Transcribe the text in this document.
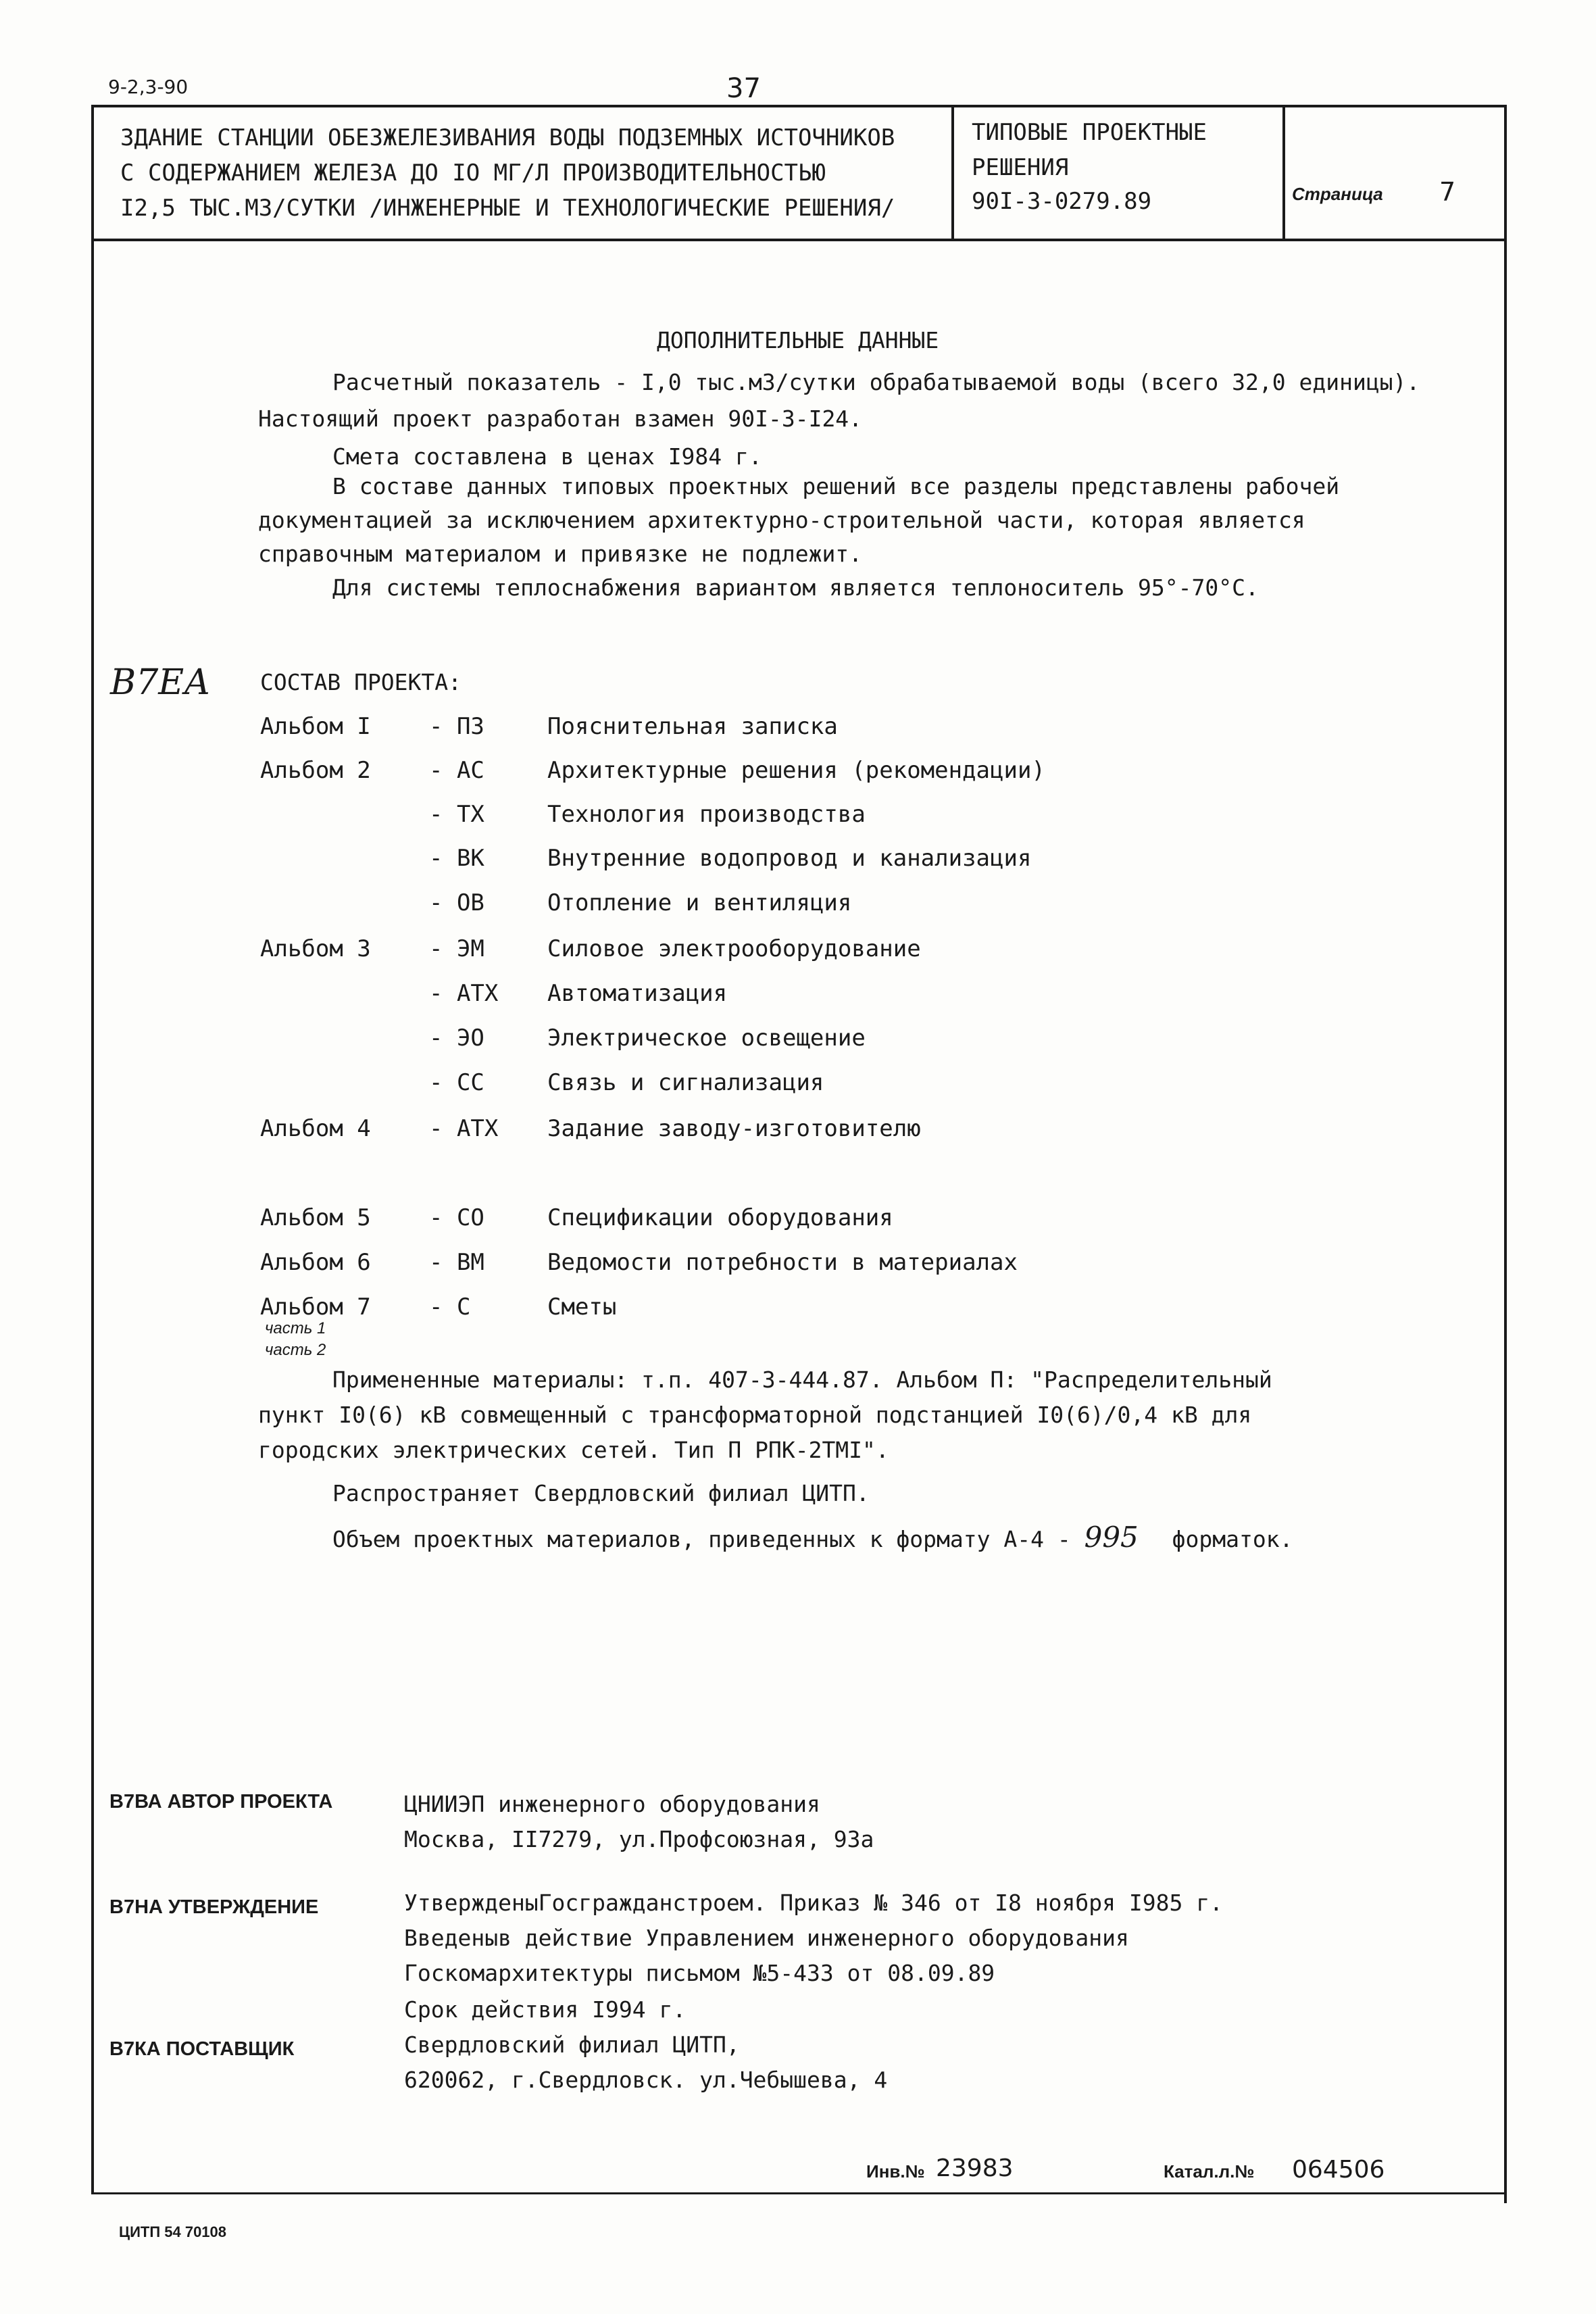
9-2,3-90	37
ЗДАНИЕ СТАНЦИИ ОБЕЗЖЕЛЕЗИВАНИЯ ВОДЫ ПОДЗЕМНЫХ ИСТОЧНИКОВ
С СОДЕРЖАНИЕМ ЖЕЛЕЗА ДО IO МГ/Л ПРОИЗВОДИТЕЛЬНОСТЬЮ
I2,5 ТЫС.М3/СУТКИ /ИНЖЕНЕРНЫЕ И ТЕХНОЛОГИЧЕСКИЕ РЕШЕНИЯ/
ТИПОВЫЕ ПРОЕКТНЫЕ
РЕШЕНИЯ
90I-3-0279.89	Страница 7
ДОПОЛНИТЕЛЬНЫЕ ДАННЫЕ
Расчетный показатель - I,0 тыс.м3/сутки обрабатываемой воды (всего 32,0 единицы).
Настоящий проект разработан взамен 90I-3-I24.
Смета составлена в ценах I984 г.
В составе данных типовых проектных решений все разделы представлены рабочей
документацией за исключением архитектурно-строительной части, которая является
справочным материалом и привязке не подлежит.
Для системы теплоснабжения вариантом является теплоноситель 95°-70°С.
В7ЕА СОСТАВ ПРОЕКТА:
Альбом I	- ПЗ	Пояснительная записка
Альбом 2	- АС	Архитектурные решения (рекомендации)
- ТХ	Технология производства
- ВК	Внутренние водопровод и канализация
- ОВ	Отопление и вентиляция
Альбом 3	- ЭМ	Силовое электрооборудование
- АТХ Автоматизация
- ЭО	Электрическое освещение
- СС	Связь и сигнализация
Альбом 4	- АТХ Задание заводу-изготовителю
Альбом 5	- СО	Спецификации оборудования
Альбом 6	- ВМ	Ведомости потребности в материалах
Альбом 7	- С	Сметы
часть 1
часть 2
Примененные материалы: т.п. 407-3-444.87. Альбом П: "Распределительный
пункт I0(6) кВ совмещенный с трансформаторной подстанцией I0(6)/0,4 кВ для
городских электрических сетей. Тип П РПК-2ТМI".
Распространяет Свердловский филиал ЦИТП.
Объем проектных материалов, приведенных к формату А-4 - 995 форматок.
В7ВА АВТОР ПРОЕКТА	ЦНИИЭП инженерного оборудования
Москва, II7279, ул.Профсоюзная, 93а
В7НА УТВЕРЖДЕНИЕ	УтвержденыГосгражданстроем. Приказ № 346 от I8 ноября I985 г.
Введеныв действие Управлением инженерного оборудования
Госкомархитектуры письмом №5-433 от 08.09.89
Срок действия I994 г.
В7КА ПОСТАВЩИК	Свердловский филиал ЦИТП,
620062, г.Свердловск. ул.Чебышева, 4
Инв.№ 23983	Катал.л.№ 064506
ЦИТП 54 70108
